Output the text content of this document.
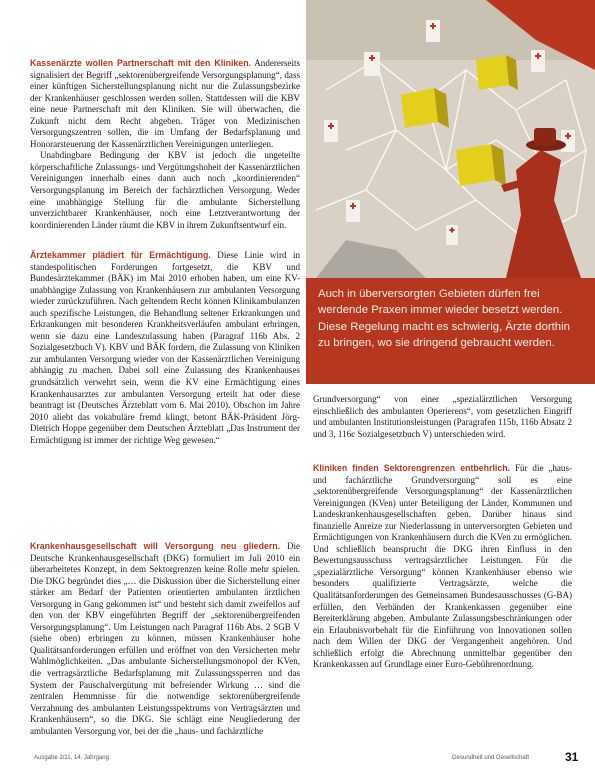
Auch in überversorgten Gebieten dürfen frei werdende Praxen immer wieder besetzt werden. Diese Regelung macht es schwierig, Ärzte dorthin zu bringen, wo sie dringend gebraucht werden.

Kassenärzte wollen Partnerschaft mit den Kliniken. Andererseits signalisiert der Begriff „sektorenübergreifende Versorgungsplanung“, dass einer künftigen Sicherstellungsplanung nicht nur die Zulassungsbezirke der Krankenhäuser geschlossen werden sollen. Stattdessen will die KBV eine neue Partnerschaft mit den Kliniken. Sie will überwachen, die Zukunft nicht dem Recht abgeben. Träger von Medizinischen Versorgungszentren sollen, die im Umfang der Bedarfsplanung und Honorarsteuerung der Kassenärztlichen Vereinigungen unterliegen.

Unabdingbare Bedingung der KBV ist jedoch die ungeteilte körperschaftliche Zulassungs- und Vergütungshoheit der Kassenärztlichen Vereinigungen innerhalb eines dann auch noch „koordinierenden“ Versorgungsplanung im Bereich der fachärztlichen Versorgung. Weder eine unabhängige Stellung für die ambulante Sicherstellung unverzichtbarer Krankenhäuser, noch eine Letztverantwortung der koordinierenden Länder räumt die KBV in ihrem Zukunftsentwurf ein.

Ärztekammer plädiert für Ermächtigung. Diese Linie wird in standespolitischen Forderungen fortgesetzt, die KBV und Bundesärztekammer (BÄK) im Mai 2010 erhoben haben, um eine KV-unabhängige Zulassung von Krankenhäusern zur ambulanten Versorgung wieder zurückzuführen. Nach geltendem Recht können Klinikambulanzen auch spezifische Leistungen, die Behandlung seltener Erkrankungen und Erkrankungen mit besonderen Krankheitsverläufen ambulant erbringen, wenn sie dazu eine Landeszulassung haben (Paragraf 116b Abs. 2 Sozialgesetzbuch V). KBV und BÄK fordern, die Zulassung von Kliniken zur ambulanten Versorgung wieder von der Kassenärztlichen Vereinigung abhängig zu machen. Dabei soll eine Zulassung des Krankenhauses grundsätzlich verwehrt sein, wenn die KV eine Ermächtigung eines Krankenhausarztes zur ambulanten Versorgung erteilt hat oder diese beantragt ist (Deutsches Ärzteblatt vom 6. Mai 2010). Obschon im Jahre 2010 aliebt das vokabuläre fremd klingt, betont BÄK-Präsident Jörg-Dietrich Hoppe gegenüber dem Deutschen Ärzteblatt „Das Instrument der Ermächtigung ist immer der richtige Weg gewesen.“

Krankenhausgesellschaft will Versorgung neu gliedern. Die Deutsche Krankenhausgesellschaft (DKG) formuliert im Juli 2010 ein überarbeitetes Konzept, in dem Sektorgrenzen keine Rolle mehr spielen. Die DKG begründet dies „… die Diskussion über die Sicherstellung einer stärker am Bedarf der Patienten orientierten ambulanten ärztlichen Versorgung in Gang gekommen ist“ und besteht sich damit zweifellos auf den von der KBV eingeführten Begriff der „sektorenübergreifenden Versorgungsplanung“. Um Leistungen nach Paragraf 116b Abs. 2 SGB V (siehe oben) erbringen zu können, müssen Krankenhäuser hohe Qualitätsanforderungen erfüllen und eröffnet von den Versicherten mehr Wahlmöglichkeiten. „Das ambulante Sicherstellungsmonopol der KVen, die vertragsärztliche Bedarfsplanung mit Zulassungssperren und das System der Pauschalvergütung mit befreiender Wirkung … sind die zentralen Hemmnisse für die notwendige sektorenübergreifende Verzahnung des ambulanten Leistungsspektrums von Vertragsärzten und Krankenhäusern“, so die DKG. Sie schlägt eine Neugliederung der ambulanten Versorgung vor, bei der die „haus- und fachärztliche

Kliniken finden Sektorengrenzen entbehrlich. Für die „haus- und fachärztliche Grundversorgung“ soll es eine „sektorenübergreifende Versorgungsplanung“ der Kassenärztlichen Vereinigungen (KVen) unter Beteiligung der Länder, Kommunen und Landeskrankenhausgesellschaften geben. Darüber hinaus sind finanzielle Anreize zur Niederlassung in unterversorgten Gebieten und Ermächtigungen von Krankenhäusern durch die KVen zu ermöglichen. Und schließlich beansprucht die DKG ihren Einfluss in den Bewertungsausschuss vertragsärztlicher Leistungen. Für die „spezialärztliche Versorgung“ können Krankenhäuser ebenso wie besonders qualifizierte Vertragsärzte, welche die Qualitätsanforderungen des Gemeinsamen Bundesausschusses (G-BA) erfüllen, den Verbänden der Krankenkassen gegenüber eine Bereiterklärung abgeben. Ambulante Zulassungsbeschränkungen oder ein Erlaubnisvorbehalt für die Einführung von Innovationen sollen nach dem Willen der DKG der Vergangenheit angehören. Und schließlich erfolgt die Abrechnung unmittelbar gegenüber den Krankenkassen auf Grundlage einer Euro-Gebührenordnung.

Ausgabe 2/11, 14. Jahrgang	Gesundheit und Gesellschaft	31

Grundversorgung“ von einer „spezialärztlichen Versorgung einschließlich des ambulanten Operierens“, vom gesetzlichen Eingriff und ambulanten Institutionsleistungen (Paragrafen 115b, 116b Absatz 2 und 3, 116c Sozialgesetzbuch V) unterschieden wird.
